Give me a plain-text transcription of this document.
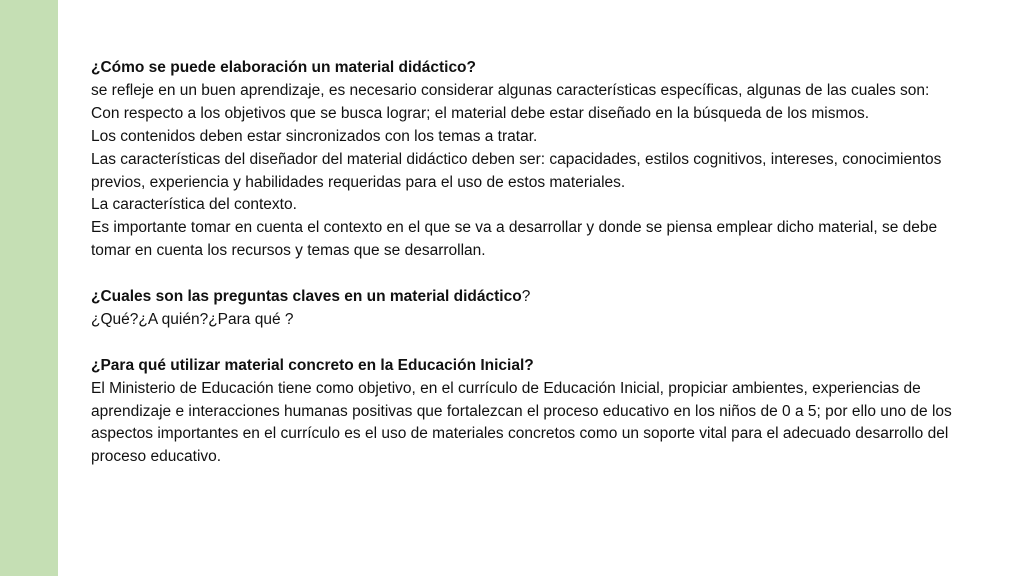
¿Cómo se puede elaboración un material didáctico?

se refleje en un buen aprendizaje, es necesario considerar algunas características específicas, algunas de las cuales son:

Con respecto a los objetivos que se busca lograr; el material debe estar diseñado en la búsqueda de los mismos.

Los contenidos deben estar sincronizados con los temas a tratar.

Las características del diseñador del material didáctico deben ser: capacidades, estilos cognitivos, intereses, conocimientos previos, experiencia y habilidades requeridas para el uso de estos materiales.

La característica del contexto.

Es importante tomar en cuenta el contexto en el que se va a desarrollar y donde se piensa emplear dicho material, se debe tomar en cuenta los recursos y temas que se desarrollan.

¿Cuales son las preguntas claves en un material didáctico?

¿Qué?¿A quién?¿Para qué ?

¿Para qué utilizar material concreto en la Educación Inicial?

El Ministerio de Educación tiene como objetivo, en el currículo de Educación Inicial, propiciar ambientes, experiencias de aprendizaje e interacciones humanas positivas que fortalezcan el proceso educativo en los niños de 0 a 5; por ello uno de los aspectos importantes en el currículo es el uso de materiales concretos como un soporte vital para el adecuado desarrollo del proceso educativo.
